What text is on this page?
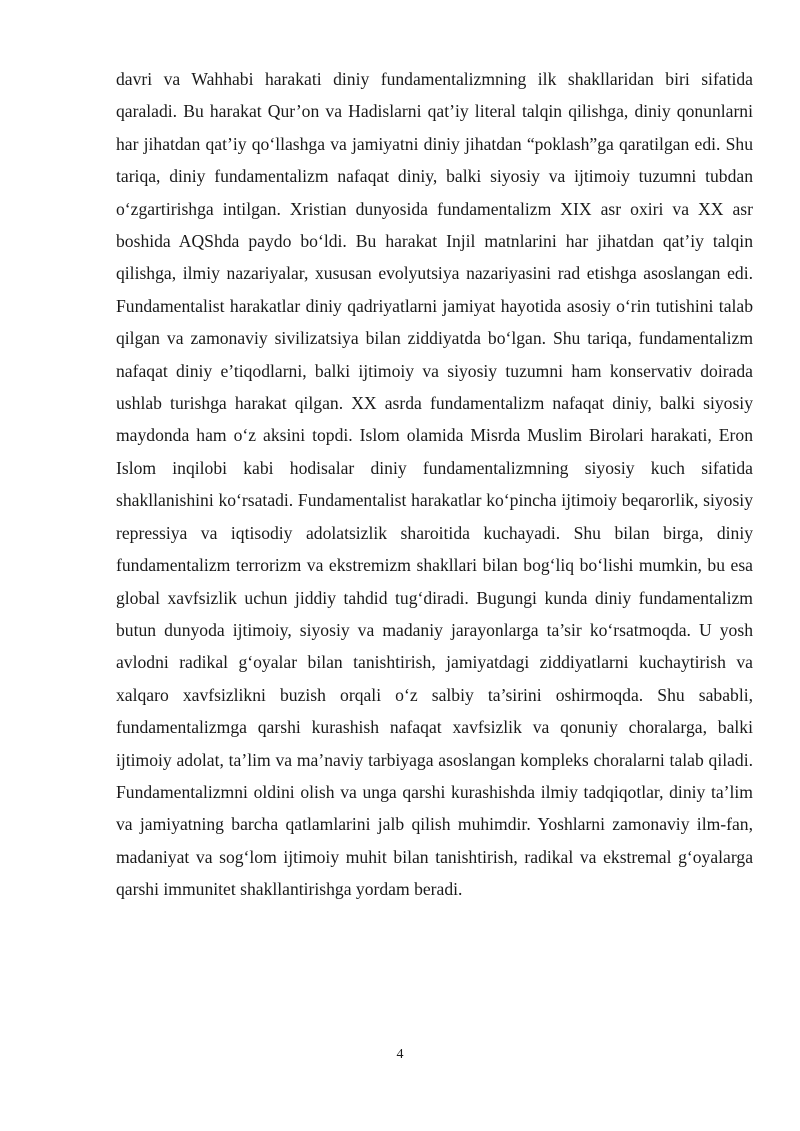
davri va Wahhabi harakati diniy fundamentalizmning ilk shakllaridan biri sifatida qaraladi. Bu harakat Qur’on va Hadislarni qat’iy literal talqin qilishga, diniy qonunlarni har jihatdan qat’iy qo‘llashga va jamiyatni diniy jihatdan “poklash”ga qaratilgan edi. Shu tariqa, diniy fundamentalizm nafaqat diniy, balki siyosiy va ijtimoiy tuzumni tubdan o‘zgartirishga intilgan. Xristian dunyosida fundamentalizm XIX asr oxiri va XX asr boshida AQShda paydo bo‘ldi. Bu harakat Injil matnlarini har jihatdan qat’iy talqin qilishga, ilmiy nazariyalar, xususan evolyutsiya nazariyasini rad etishga asoslangan edi. Fundamentalist harakatlar diniy qadriyatlarni jamiyat hayotida asosiy o‘rin tutishini talab qilgan va zamonaviy sivilizatsiya bilan ziddiyatda bo‘lgan. Shu tariqa, fundamentalizm nafaqat diniy e’tiqodlarni, balki ijtimoiy va siyosiy tuzumni ham konservativ doirada ushlab turishga harakat qilgan. XX asrda fundamentalizm nafaqat diniy, balki siyosiy maydonda ham o‘z aksini topdi. Islom olamida Misrda Muslim Birolari harakati, Eron Islom inqilobi kabi hodisalar diniy fundamentalizmning siyosiy kuch sifatida shakllanishini ko‘rsatadi. Fundamentalist harakatlar ko‘pincha ijtimoiy beqarorlik, siyosiy repressiya va iqtisodiy adolatsizlik sharoitida kuchayadi. Shu bilan birga, diniy fundamentalizm terrorizm va ekstremizm shakllari bilan bog‘liq bo‘lishi mumkin, bu esa global xavfsizlik uchun jiddiy tahdid tug‘diradi. Bugungi kunda diniy fundamentalizm butun dunyoda ijtimoiy, siyosiy va madaniy jarayonlarga ta’sir ko‘rsatmoqda. U yosh avlodni radikal g‘oyalar bilan tanishtirish, jamiyatdagi ziddiyatlarni kuchaytirish va xalqaro xavfsizlikni buzish orqali o‘z salbiy ta’sirini oshirmoqda. Shu sababli, fundamentalizmga qarshi kurashish nafaqat xavfsizlik va qonuniy choralarga, balki ijtimoiy adolat, ta’lim va ma’naviy tarbiyaga asoslangan kompleks choralarni talab qiladi. Fundamentalizmni oldini olish va unga qarshi kurashishda ilmiy tadqiqotlar, diniy ta’lim va jamiyatning barcha qatlamlarini jalb qilish muhimdir. Yoshlarni zamonaviy ilm-fan, madaniyat va sog‘lom ijtimoiy muhit bilan tanishtirish, radikal va ekstremal g‘oyalarga qarshi immunitet shakllantirishga yordam beradi.

4
